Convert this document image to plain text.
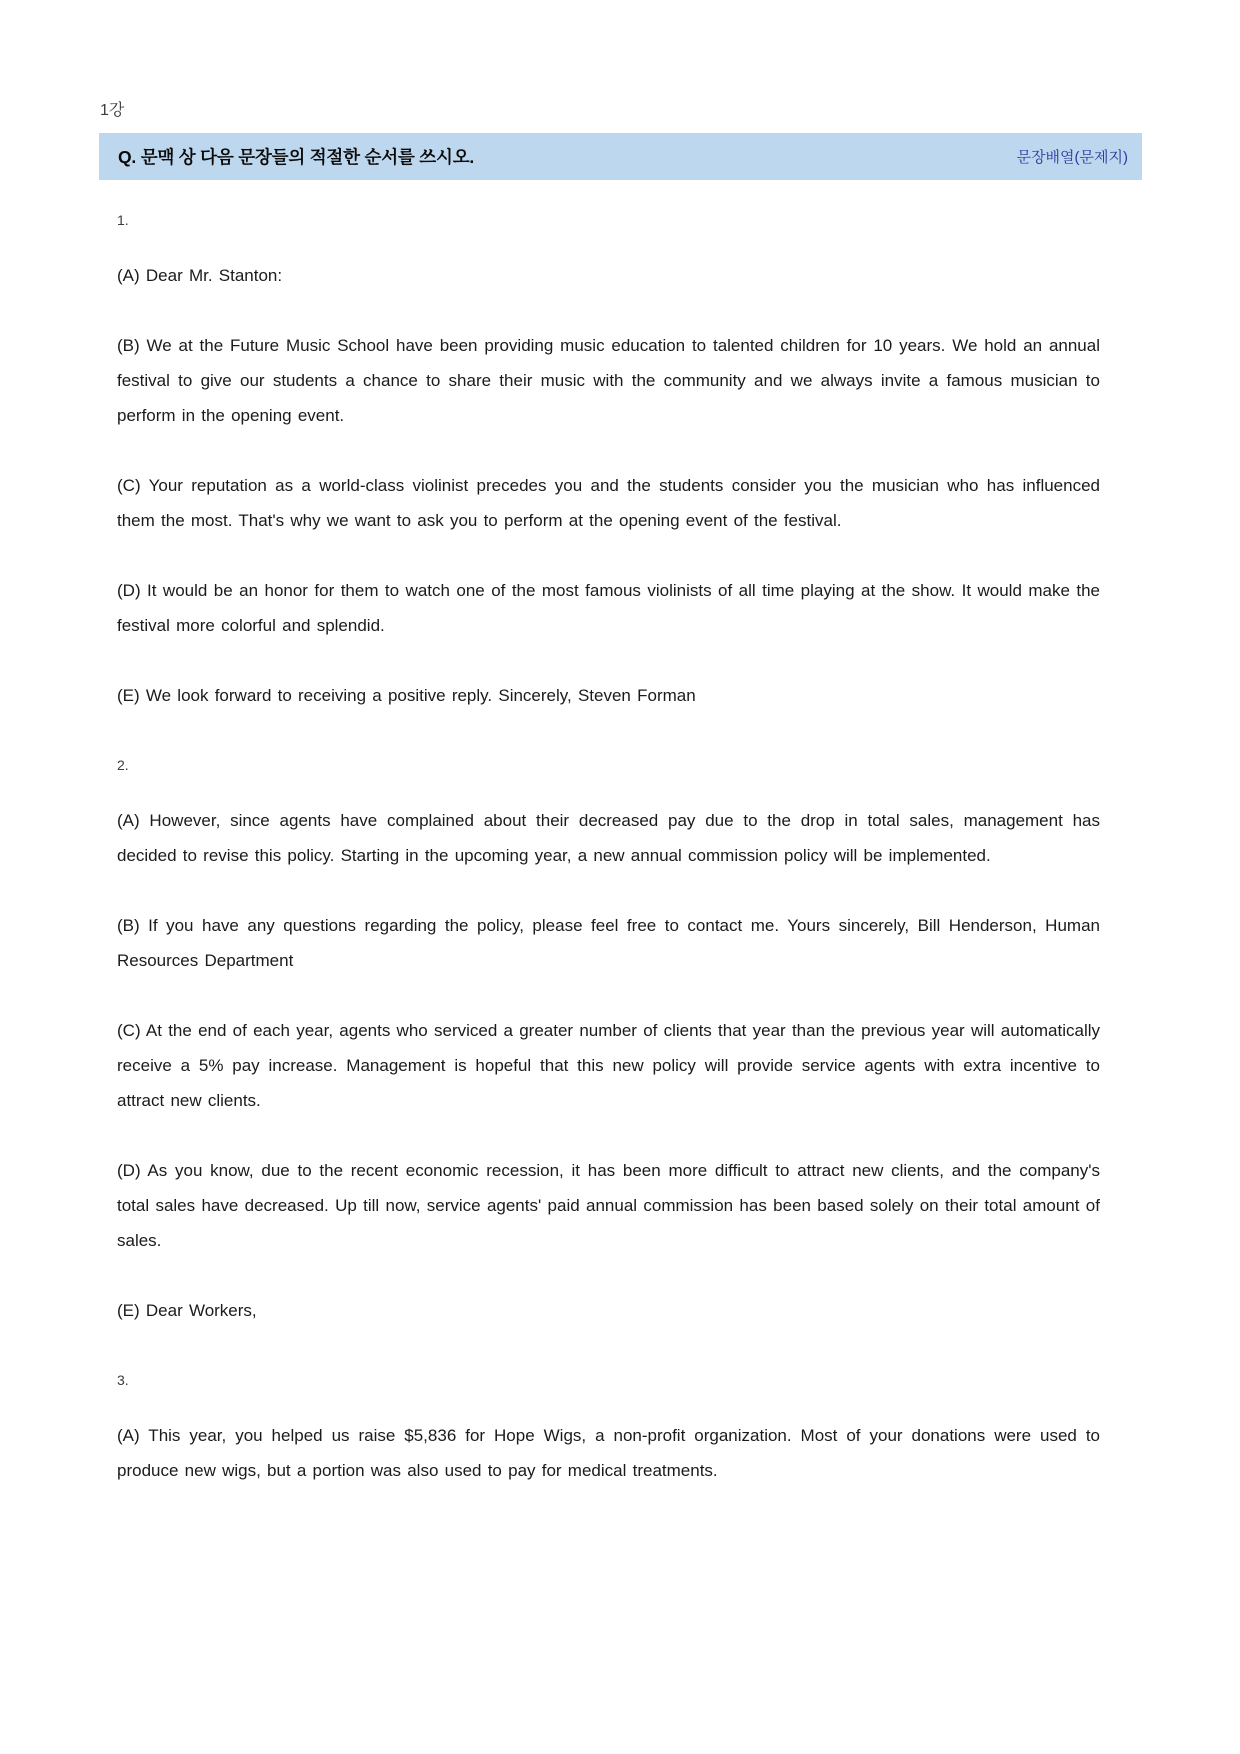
1강
Q. 문맥 상 다음 문장들의 적절한 순서를 쓰시오.	문장배열(문제지)
1.

(A) Dear Mr. Stanton:

(B) We at the Future Music School have been providing music education to talented children for 10 years. We hold an annual festival to give our students a chance to share their music with the community and we always invite a famous musician to perform in the opening event.

(C) Your reputation as a world-class violinist precedes you and the students consider you the musician who has influenced them the most. That's why we want to ask you to perform at the opening event of the festival.

(D) It would be an honor for them to watch one of the most famous violinists of all time playing at the show. It would make the festival more colorful and splendid.

(E) We look forward to receiving a positive reply. Sincerely, Steven Forman

2.

(A) However, since agents have complained about their decreased pay due to the drop in total sales, management has decided to revise this policy. Starting in the upcoming year, a new annual commission policy will be implemented.

(B) If you have any questions regarding the policy, please feel free to contact me. Yours sincerely, Bill Henderson, Human Resources Department

(C) At the end of each year, agents who serviced a greater number of clients that year than the previous year will automatically receive a 5% pay increase. Management is hopeful that this new policy will provide service agents with extra incentive to attract new clients.

(D) As you know, due to the recent economic recession, it has been more difficult to attract new clients, and the company's total sales have decreased. Up till now, service agents' paid annual commission has been based solely on their total amount of sales.

(E) Dear Workers,

3.

(A) This year, you helped us raise $5,836 for Hope Wigs, a non-profit organization. Most of your donations were used to produce new wigs, but a portion was also used to pay for medical treatments.
